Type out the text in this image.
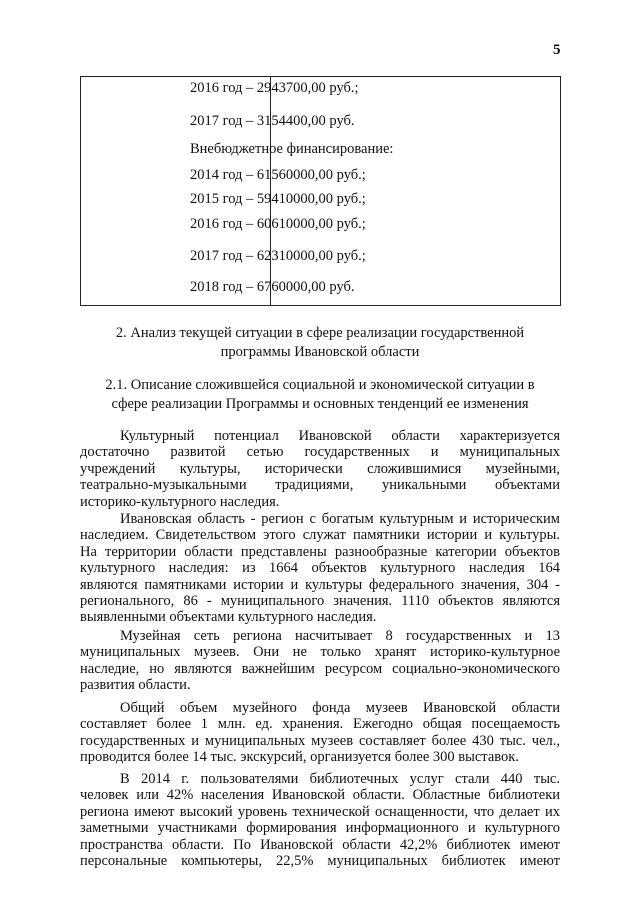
5
2016 год – 2943700,00 руб.;
2017 год – 3154400,00 руб.
Внебюджетное финансирование:
2014 год – 61560000,00 руб.;
2015 год – 59410000,00 руб.;
2016 год – 60610000,00 руб.;
2017 год – 62310000,00 руб.;
2018 год – 6760000,00 руб.
2. Анализ текущей ситуации в сфере реализации государственной
программы Ивановской области
2.1. Описание сложившейся социальной и экономической ситуации в
сфере реализации Программы и основных тенденций ее изменения
Культурный потенциал Ивановской области характеризуется
достаточно развитой сетью государственных и муниципальных
учреждений культуры, исторически сложившимися музейными,
театрально-музыкальными традициями, уникальными объектами
историко-культурного наследия.
Ивановская область - регион с богатым культурным и историческим
наследием. Свидетельством этого служат памятники истории и культуры.
На территории области представлены разнообразные категории объектов
культурного наследия: из 1664 объектов культурного наследия 164
являются памятниками истории и культуры федерального значения, 304 -
регионального, 86 - муниципального значения. 1110 объектов являются
выявленными объектами культурного наследия.
Музейная сеть региона насчитывает 8 государственных и 13
муниципальных музеев. Они не только хранят историко-культурное
наследие, но являются важнейшим ресурсом социально-экономического
развития области.
Общий объем музейного фонда музеев Ивановской области
составляет более 1 млн. ед. хранения. Ежегодно общая посещаемость
государственных и муниципальных музеев составляет более 430 тыс. чел.,
проводится более 14 тыс. экскурсий, организуется более 300 выставок.
В 2014 г. пользователями библиотечных услуг стали 440 тыс.
человек или 42% населения Ивановской области. Областные библиотеки
региона имеют высокий уровень технической оснащенности, что делает их
заметными участниками формирования информационного и культурного
пространства области. По Ивановской области 42,2% библиотек имеют
персональные компьютеры, 22,5% муниципальных библиотек имеют
